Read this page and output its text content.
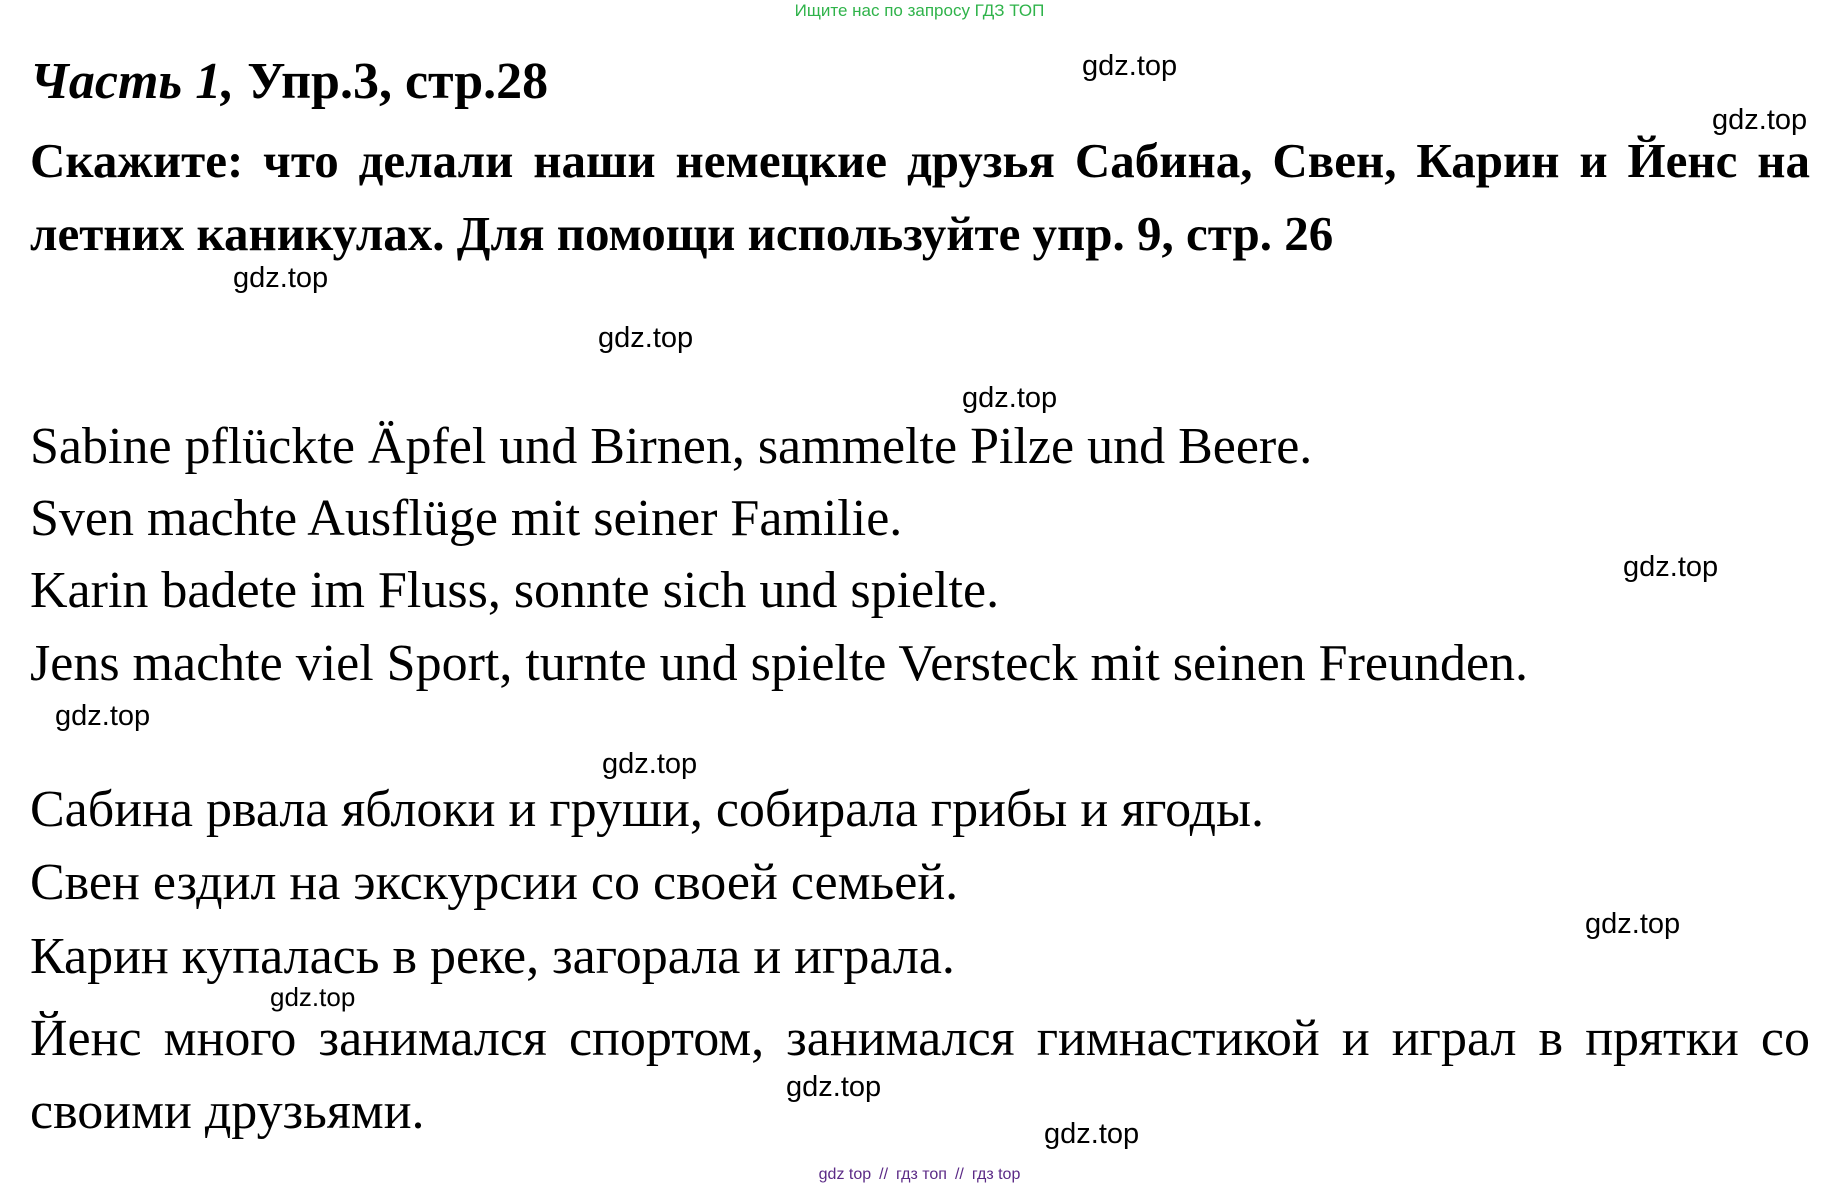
Ищите нас по запросу ГДЗ ТОП
Часть 1, Упр.3, стр.28
Скажите: что делали наши немецкие друзья Сабина, Свен, Карин и Йенс на летних каникулах. Для помощи используйте упр. 9, стр. 26
Sabine pflückte Äpfel und Birnen, sammelte Pilze und Beere.
Sven machte Ausflüge mit seiner Familie.
Karin badete im Fluss, sonnte sich und spielte.
Jens machte viel Sport, turnte und spielte Versteck mit seinen Freunden.
Сабина рвала яблоки и груши, собирала грибы и ягоды.
Свен ездил на экскурсии со своей семьей.
Карин купалась в реке, загорала и играла.
Йенс много занимался спортом, занимался гимнастикой и играл в прятки со своими друзьями.
gdz.top
gdz.top
gdz.top
gdz.top
gdz.top
gdz.top
gdz.top
gdz.top
gdz.top
gdz.top
gdz.top
gdz.top
gdz top // гдз топ // гдз top
